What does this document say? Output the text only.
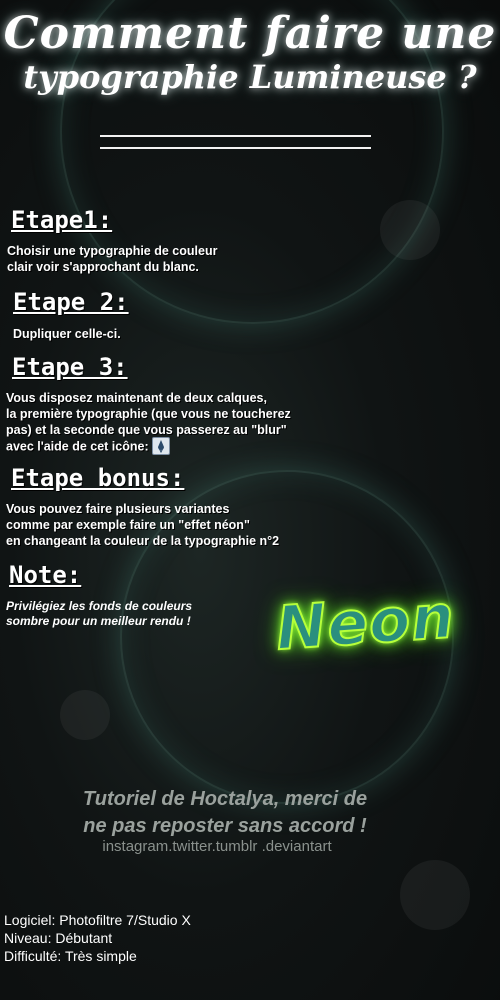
Comment faire une
typographie Lumineuse ?
Etape1:
Choisir une typographie de couleur
clair voir s'approchant du blanc.
Etape 2:
Dupliquer celle-ci.
Etape 3:
Vous disposez maintenant de deux calques,
la première typographie (que vous ne toucherez
pas) et la seconde que vous passerez au "blur"
avec l'aide de cet icône:
Etape bonus:
Vous pouvez faire plusieurs variantes
comme par exemple faire un "effet néon"
en changeant la couleur de la typographie n°2
Note:
Privilégiez les fonds de couleurs
sombre pour un meilleur rendu ! Neon
Tutoriel de Hoctalya, merci de
ne pas reposter sans accord !
instagram.twitter.tumblr .deviantart
Logiciel: Photofiltre 7/Studio X
Niveau: Débutant
Difficulté: Très simple
